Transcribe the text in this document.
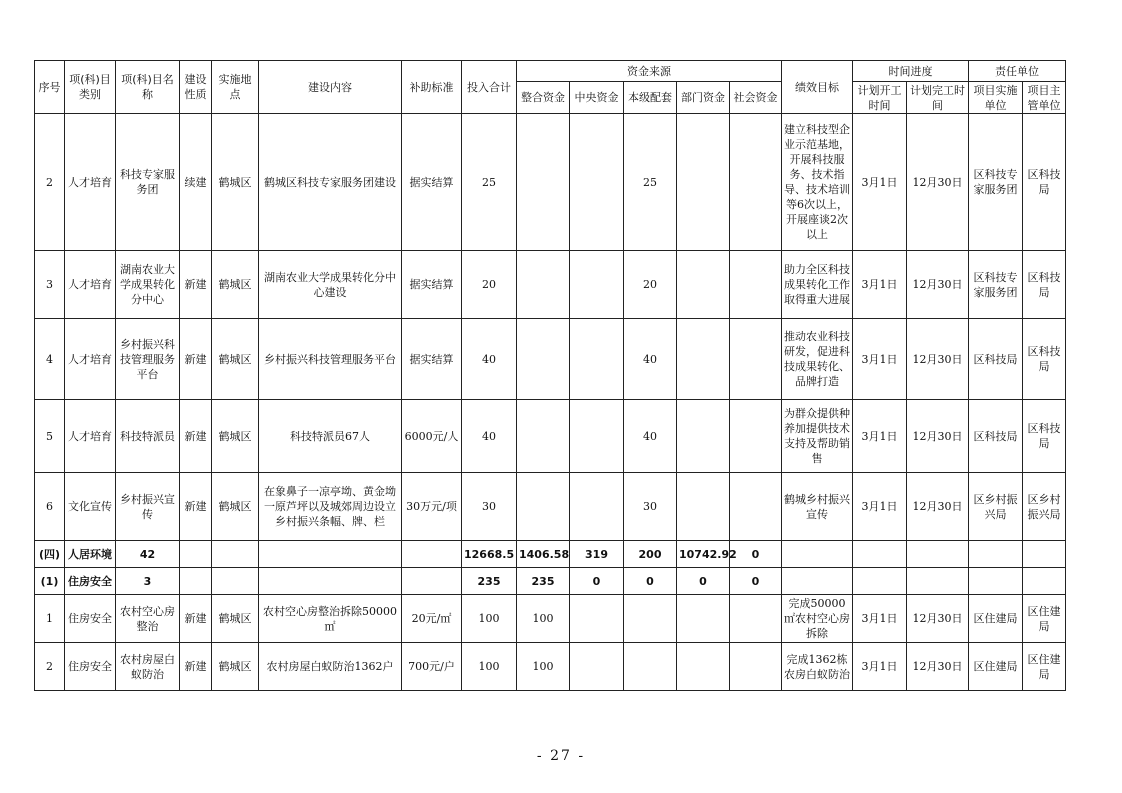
序号	项(科)目类别	项(科)目名称	建设性质	实施地点	建设内容	补助标准	投入合计	资金来源					绩效目标	时间进度		责任单位	
								整合资金	中央资金	本级配套	部门资金	社会资金		计划开工时间	计划完工时间	项目实施单位	项目主管单位
2	人才培育	科技专家服务团	续建	鹤城区	鹤城区科技专家服务团建设	据实结算	25			25			建立科技型企业示范基地，开展科技服务、技术指导、技术培训等6次以上，开展座谈2次以上	3月1日	12月30日	区科技专家服务团	区科技局
3	人才培育	湖南农业大学成果转化分中心	新建	鹤城区	湖南农业大学成果转化分中心建设	据实结算	20			20			助力全区科技成果转化工作取得重大进展	3月1日	12月30日	区科技专家服务团	区科技局
4	人才培育	乡村振兴科技管理服务平台	新建	鹤城区	乡村振兴科技管理服务平台	据实结算	40			40			推动农业科技研发，促进科技成果转化、品牌打造	3月1日	12月30日	区科技局	区科技局
5	人才培育	科技特派员	新建	鹤城区	科技特派员67人	6000元/人	40			40			为群众提供种养加提供技术支持及帮助销售	3月1日	12月30日	区科技局	区科技局
6	文化宣传	乡村振兴宣传	新建	鹤城区	在象鼻子一凉亭坳、黄金坳一原芦坪以及城郊周边设立乡村振兴条幅、牌、栏	30万元/项	30			30			鹤城乡村振兴宣传	3月1日	12月30日	区乡村振兴局	区乡村振兴局
(四)	人居环境	42					12668.5	1406.58	319	200	10742.92	0					
(1)	住房安全	3					235	235	0	0	0	0					
1	住房安全	农村空心房整治	新建	鹤城区	农村空心房整治拆除50000㎡	20元/㎡	100	100					完成50000㎡农村空心房拆除	3月1日	12月30日	区住建局	区住建局
2	住房安全	农村房屋白蚁防治	新建	鹤城区	农村房屋白蚁防治1362户	700元/户	100	100					完成1362栋农房白蚁防治	3月1日	12月30日	区住建局	区住建局
- 27 -
